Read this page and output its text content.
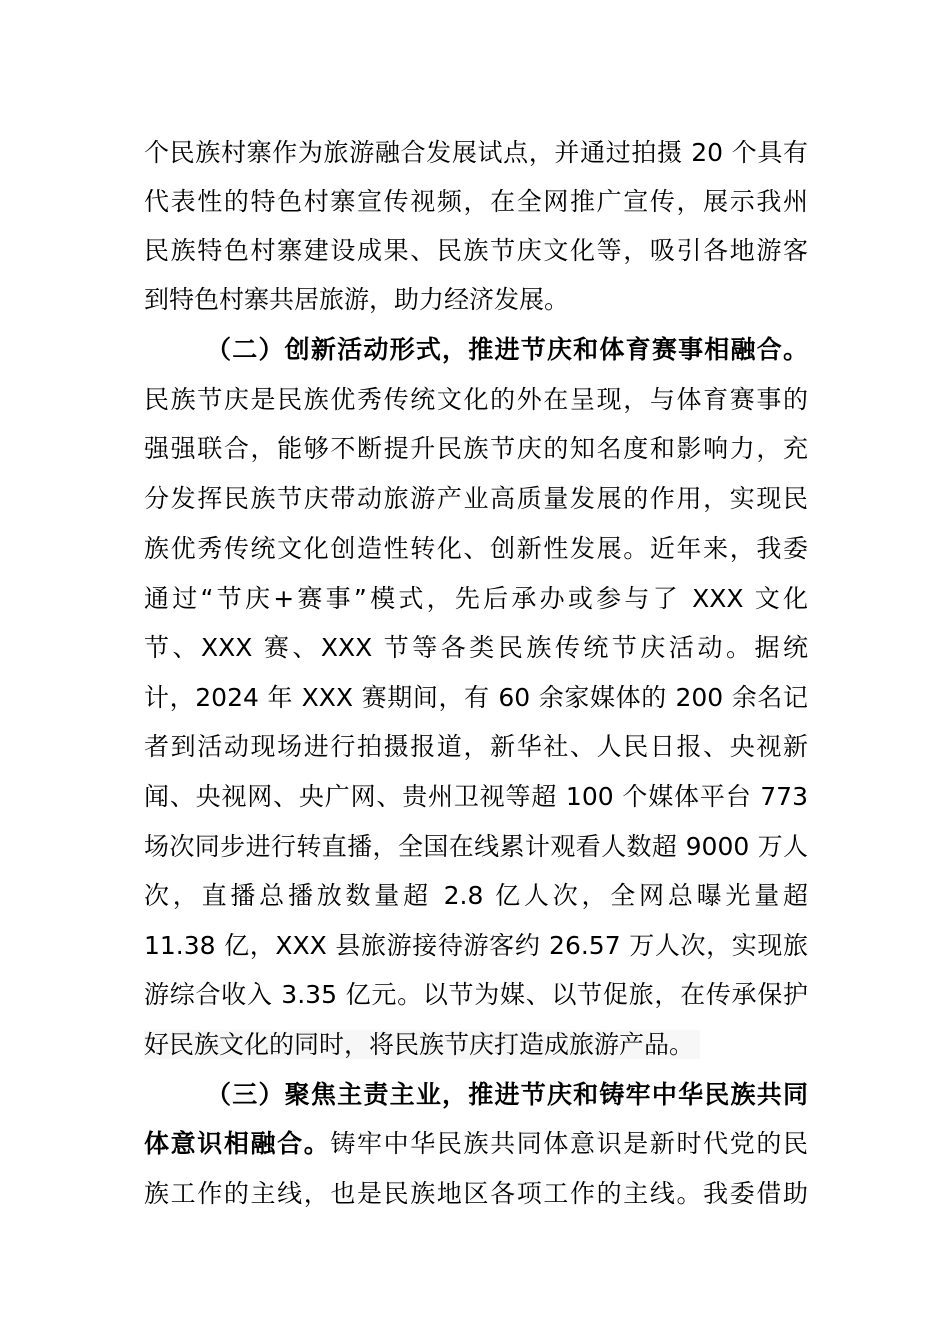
个民族村寨作为旅游融合发展试点，并通过拍摄 20 个具有
代表性的特色村寨宣传视频，在全网推广宣传，展示我州
民族特色村寨建设成果、民族节庆文化等，吸引各地游客
到特色村寨共居旅游，助力经济发展。
（二）创新活动形式，推进节庆和体育赛事相融合。
民族节庆是民族优秀传统文化的外在呈现，与体育赛事的
强强联合，能够不断提升民族节庆的知名度和影响力，充
分发挥民族节庆带动旅游产业高质量发展的作用，实现民
族优秀传统文化创造性转化、创新性发展。近年来，我委
通过“节庆+赛事”模式，先后承办或参与了 XXX 文化
节、XXX 赛、XXX 节等各类民族传统节庆活动。据统
计，2024 年 XXX 赛期间，有 60 余家媒体的 200 余名记
者到活动现场进行拍摄报道，新华社、人民日报、央视新
闻、央视网、央广网、贵州卫视等超 100 个媒体平台 773
场次同步进行转直播，全国在线累计观看人数超 9000 万人
次，直播总播放数量超 2.8 亿人次，全网总曝光量超
11.38 亿，XXX 县旅游接待游客约 26.57 万人次，实现旅
游综合收入 3.35 亿元。以节为媒、以节促旅，在传承保护
好民族文化的同时，将民族节庆打造成旅游产品。
（三）聚焦主责主业，推进节庆和铸牢中华民族共同
体意识相融合。铸牢中华民族共同体意识是新时代党的民
族工作的主线，也是民族地区各项工作的主线。我委借助
